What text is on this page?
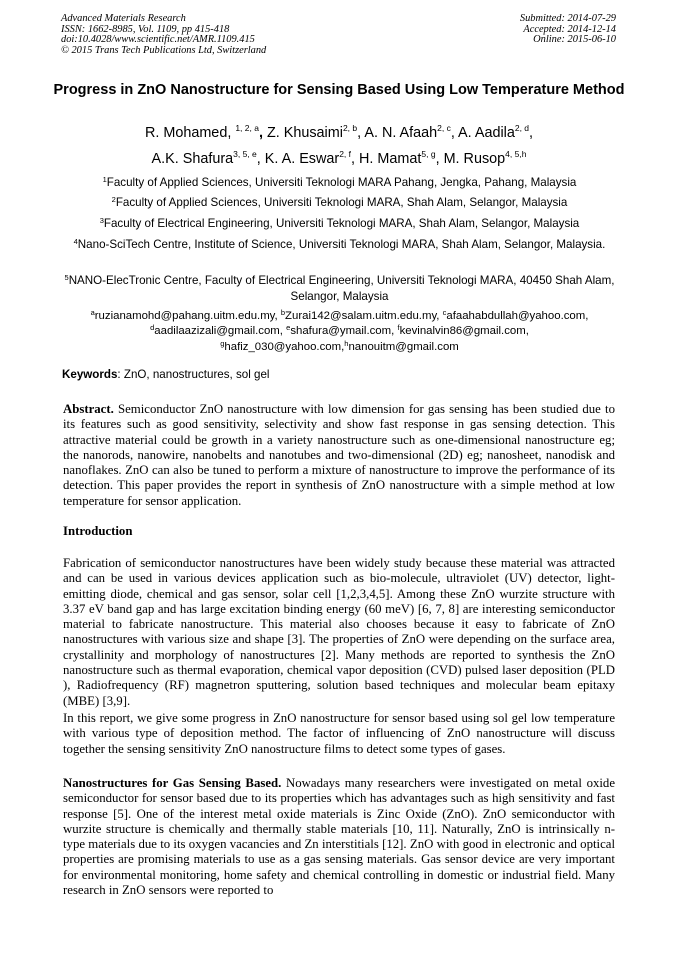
Advanced Materials Research
ISSN: 1662-8985, Vol. 1109, pp 415-418
doi:10.4028/www.scientific.net/AMR.1109.415
© 2015 Trans Tech Publications Ltd, Switzerland
Submitted: 2014-07-29
Accepted: 2014-12-14
Online: 2015-06-10
Progress in ZnO Nanostructure for Sensing Based Using Low Temperature Method
R. Mohamed, $^{1, 2, a}$, Z. Khusaimi$^{2, b}$, A. N. Afaah$^{2, c}$, A. Aadila$^{2, d}$,
A.K. Shafura$^{3, 5, e}$, K. A. Eswar$^{2, f}$, H. Mamat$^{5, g}$, M. Rusop$^{4, 5,h}$
$^1$Faculty of Applied Sciences, Universiti Teknologi MARA Pahang, Jengka, Pahang, Malaysia
$^2$Faculty of Applied Sciences, Universiti Teknologi MARA, Shah Alam, Selangor, Malaysia
$^3$Faculty of Electrical Engineering, Universiti Teknologi MARA, Shah Alam, Selangor, Malaysia
$^4$Nano-SciTech Centre, Institute of Science, Universiti Teknologi MARA, Shah Alam, Selangor, Malaysia.
$^5$NANO-ElecTronic Centre, Faculty of Electrical Engineering, Universiti Teknologi MARA, 40450 Shah Alam, Selangor, Malaysia
$^a$ruzianamohd@pahang.uitm.edu.my, $^b$Zurai142@salam.uitm.edu.my, $^c$afaahabdullah@yahoo.com,
$^d$aadilaazizali@gmail.com, $^e$shafura@ymail.com, $^f$kevinalvin86@gmail.com,
$^g$hafiz_030@yahoo.com,$^h$nanouitm@gmail.com
Keywords: ZnO, nanostructures, sol gel
Abstract. Semiconductor ZnO nanostructure with low dimension for gas sensing has been studied due to its features such as good sensitivity, selectivity and show fast response in gas sensing detection. This attractive material could be growth in a variety nanostructure such as one-dimensional nanostructure eg; the nanorods, nanowire, nanobelts and nanotubes and two-dimensional (2D) eg; nanosheet, nanodisk and nanoflakes. ZnO can also be tuned to perform a mixture of nanostructure to improve the performance of its detection. This paper provides the report in synthesis of ZnO nanostructure with a simple method at low temperature for sensor application.
Introduction
Fabrication of semiconductor nanostructures have been widely study because these material was attracted and can be used in various devices application such as bio-molecule, ultraviolet (UV) detector, light-emitting diode, chemical and gas sensor, solar cell [1,2,3,4,5]. Among these ZnO wurzite structure with 3.37 eV band gap and has large excitation binding energy (60 meV) [6, 7, 8] are interesting semiconductor material to fabricate nanostructure. This material also chooses because it easy to fabricate of ZnO nanostructures with various size and shape [3]. The properties of ZnO were depending on the surface area, crystallinity and morphology of nanostructures [2]. Many methods are reported to synthesis the ZnO nanostructure such as thermal evaporation, chemical vapor deposition (CVD) pulsed laser deposition (PLD ), Radiofrequency (RF) magnetron sputtering, solution based techniques and molecular beam epitaxy (MBE) [3,9].
In this report, we give some progress in ZnO nanostructure for sensor based using sol gel low temperature with various type of deposition method. The factor of influencing of ZnO nanostructure will discuss together the sensing sensitivity ZnO nanostructure films to detect some types of gases.
Nanostructures for Gas Sensing Based. Nowadays many researchers were investigated on metal oxide semiconductor for sensor based due to its properties which has advantages such as high sensitivity and fast response [5]. One of the interest metal oxide materials is Zinc Oxide (ZnO). ZnO semiconductor with wurzite structure is chemically and thermally stable materials [10, 11]. Naturally, ZnO is intrinsically n-type materials due to its oxygen vacancies and Zn interstitials [12]. ZnO with good in electronic and optical properties are promising materials to use as a gas sensing materials. Gas sensor device are very important for environmental monitoring, home safety and chemical controlling in domestic or industrial field. Many research in ZnO sensors were reported to
